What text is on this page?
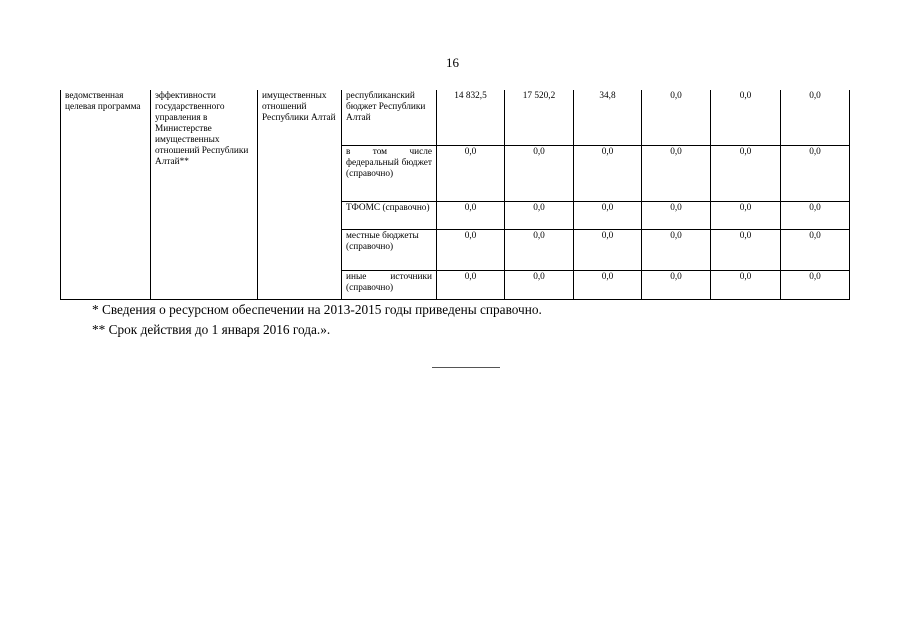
16
ведомственная целевая программа	эффективности государственного управления в Министерстве имущественных отношений Республики Алтай**	имущественных отношений Республики Алтай	республиканский бюджет Республики Алтай	14 832,5	17 520,2	34,8	0,0	0,0	0,0

			в том числе федеральный бюджет (справочно)	0,0	0,0	0,0	0,0	0,0	0,0
			ТФОМС (справочно)	0,0	0,0	0,0	0,0	0,0	0,0
			местные бюджеты (справочно)	0,0	0,0	0,0	0,0	0,0	0,0

			иные источники (справочно)	0,0	0,0	0,0	0,0	0,0	0,0
* Сведения о ресурсном обеспечении на 2013-2015 годы приведены справочно.
** Срок действия до 1 января 2016 года.».
